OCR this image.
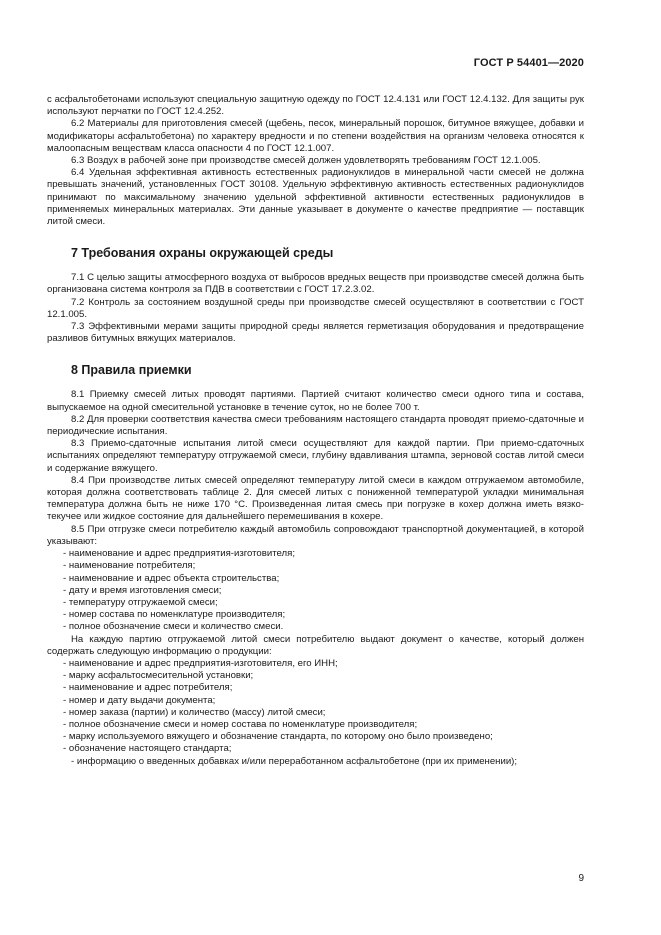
ГОСТ Р 54401—2020

с асфальтобетонами используют специальную защитную одежду по ГОСТ 12.4.131 или ГОСТ 12.4.132. Для защиты рук используют перчатки по ГОСТ 12.4.252.

6.2 Материалы для приготовления смесей (щебень, песок, минеральный порошок, битумное вяжущее, добавки и модификаторы асфальтобетона) по характеру вредности и по степени воздействия на организм человека относятся к малоопасным веществам класса опасности 4 по ГОСТ 12.1.007.

6.3 Воздух в рабочей зоне при производстве смесей должен удовлетворять требованиям ГОСТ 12.1.005.

6.4 Удельная эффективная активность естественных радионуклидов в минеральной части смесей не должна превышать значений, установленных ГОСТ 30108. Удельную эффективную активность естественных радионуклидов принимают по максимальному значению удельной эффективной активности естественных радионуклидов в применяемых минеральных материалах. Эти данные указывает в документе о качестве предприятие — поставщик литой смеси.

7 Требования охраны окружающей среды

7.1 С целью защиты атмосферного воздуха от выбросов вредных веществ при производстве смесей должна быть организована система контроля за ПДВ в соответствии с ГОСТ 17.2.3.02.

7.2 Контроль за состоянием воздушной среды при производстве смесей осуществляют в соответствии с ГОСТ 12.1.005.

7.3 Эффективными мерами защиты природной среды является герметизация оборудования и предотвращение разливов битумных вяжущих материалов.

8 Правила приемки

8.1 Приемку смесей литых проводят партиями. Партией считают количество смеси одного типа и состава, выпускаемое на одной смесительной установке в течение суток, но не более 700 т.

8.2 Для проверки соответствия качества смеси требованиям настоящего стандарта проводят приемо-сдаточные и периодические испытания.

8.3 Приемо-сдаточные испытания литой смеси осуществляют для каждой партии. При приемо-сдаточных испытаниях определяют температуру отгружаемой смеси, глубину вдавливания штампа, зерновой состав литой смеси и содержание вяжущего.

8.4 При производстве литых смесей определяют температуру литой смеси в каждом отгружаемом автомобиле, которая должна соответствовать таблице 2. Для смесей литых с пониженной температурой укладки минимальная температура должна быть не ниже 170 °С. Произведенная литая смесь при погрузке в кохер должна иметь вязко-текучее или жидкое состояние для дальнейшего перемешивания в кохере.

8.5 При отгрузке смеси потребителю каждый автомобиль сопровождают транспортной документацией, в которой указывают:

- наименование и адрес предприятия-изготовителя;

- наименование потребителя;

- наименование и адрес объекта строительства;

- дату и время изготовления смеси;

- температуру отгружаемой смеси;

- номер состава по номенклатуре производителя;

- полное обозначение смеси и количество смеси.

На каждую партию отгружаемой литой смеси потребителю выдают документ о качестве, который должен содержать следующую информацию о продукции:

- наименование и адрес предприятия-изготовителя, его ИНН;

- марку асфальтосмесительной установки;

- наименование и адрес потребителя;

- номер и дату выдачи документа;

- номер заказа (партии) и количество (массу) литой смеси;

- полное обозначение смеси и номер состава по номенклатуре производителя;

- марку используемого вяжущего и обозначение стандарта, по которому оно было произведено;

- обозначение настоящего стандарта;

- информацию о введенных добавках и/или переработанном асфальтобетоне (при их применении);

9
